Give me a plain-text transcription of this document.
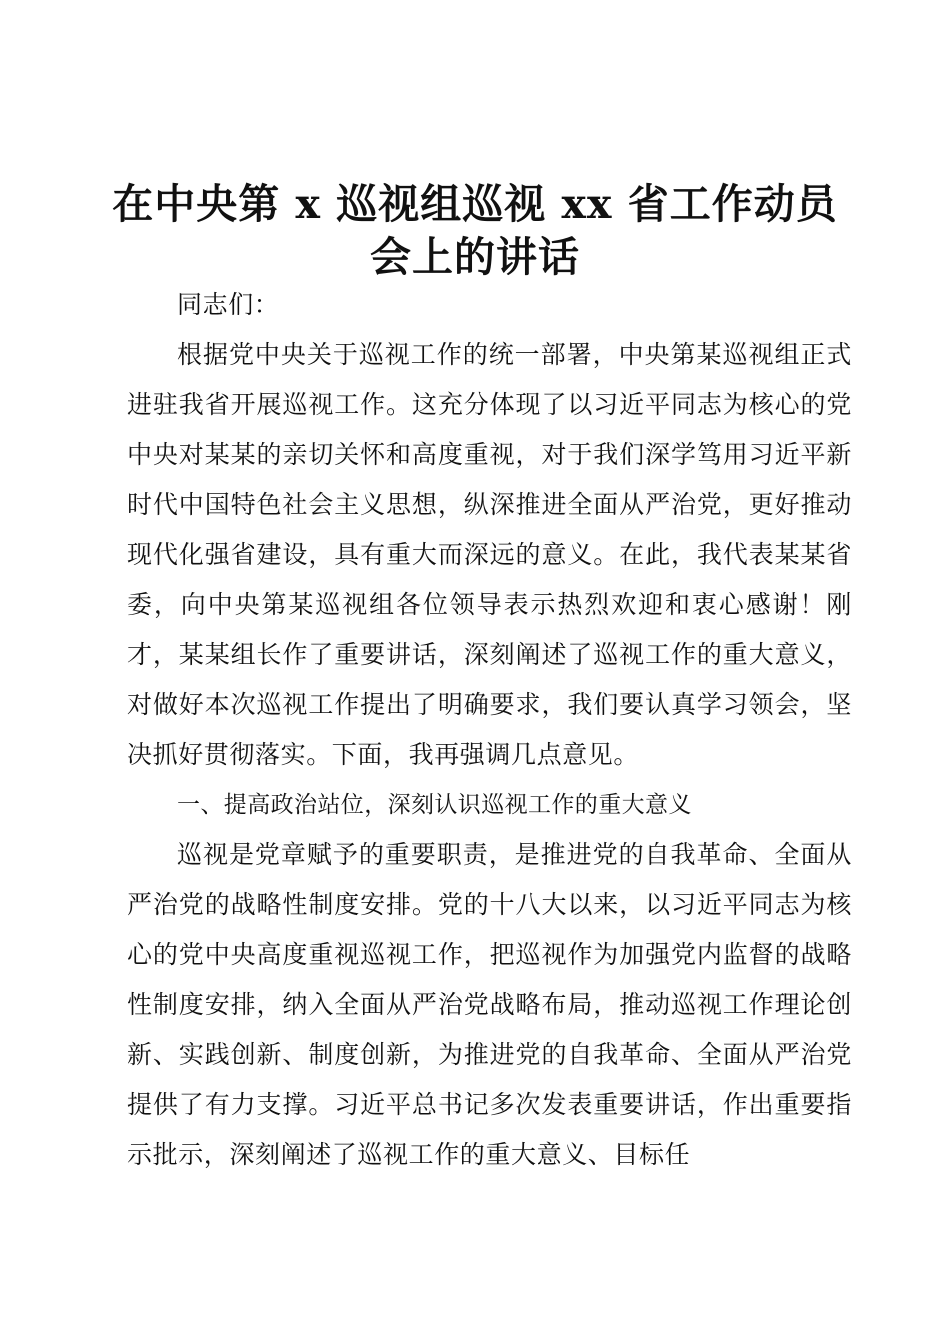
在中央第 x 巡视组巡视 xx 省工作动员会上的讲话

同志们：

根据党中央关于巡视工作的统一部署，中央第某巡视组正式进驻我省开展巡视工作。这充分体现了以习近平同志为核心的党中央对某某的亲切关怀和高度重视，对于我们深学笃用习近平新时代中国特色社会主义思想，纵深推进全面从严治党，更好推动现代化强省建设，具有重大而深远的意义。在此，我代表某某省委，向中央第某巡视组各位领导表示热烈欢迎和衷心感谢！刚才，某某组长作了重要讲话，深刻阐述了巡视工作的重大意义，对做好本次巡视工作提出了明确要求，我们要认真学习领会，坚决抓好贯彻落实。下面，我再强调几点意见。

一、提高政治站位，深刻认识巡视工作的重大意义

巡视是党章赋予的重要职责，是推进党的自我革命、全面从严治党的战略性制度安排。党的十八大以来，以习近平同志为核心的党中央高度重视巡视工作，把巡视作为加强党内监督的战略性制度安排，纳入全面从严治党战略布局，推动巡视工作理论创新、实践创新、制度创新，为推进党的自我革命、全面从严治党提供了有力支撑。习近平总书记多次发表重要讲话，作出重要指示批示，深刻阐述了巡视工作的重大意义、目标任
